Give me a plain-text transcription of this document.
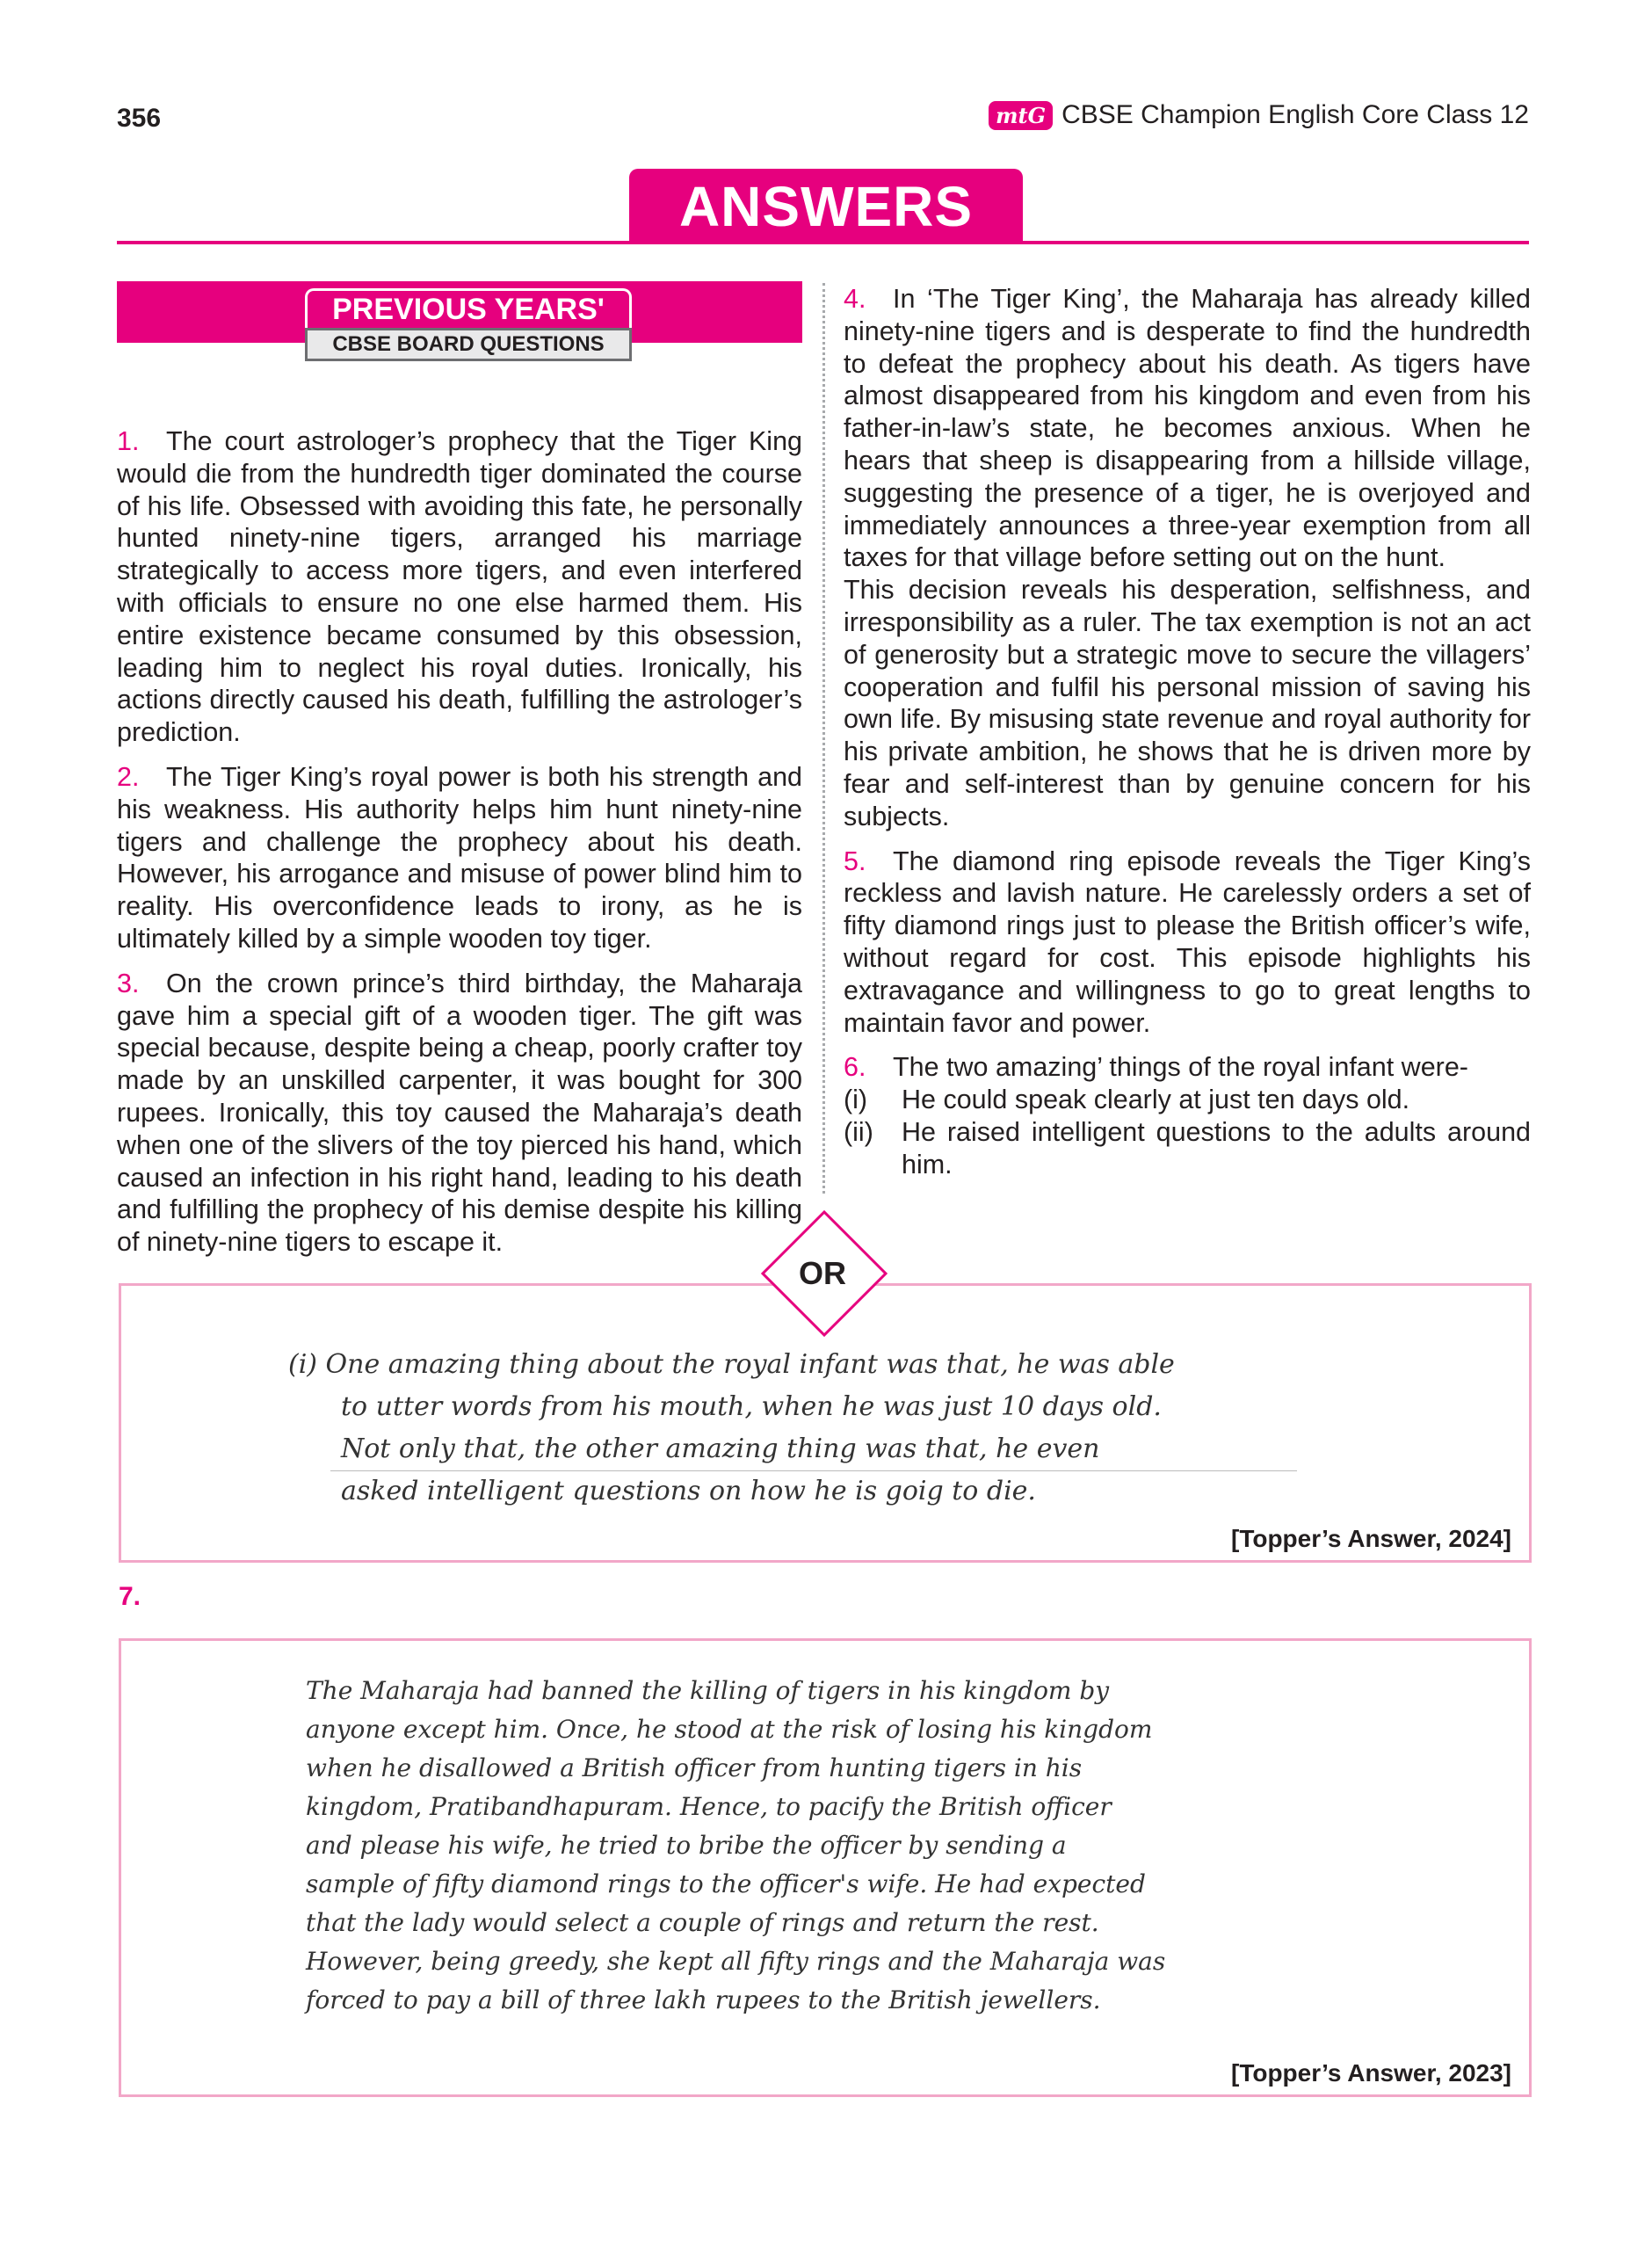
356	mtG CBSE Champion English Core Class 12
ANSWERS
PREVIOUS YEARS'
CBSE BOARD QUESTIONS

1. The court astrologer’s prophecy that the Tiger King would die from the hundredth tiger dominated the course of his life. Obsessed with avoiding this fate, he personally hunted ninety-nine tigers, arranged his marriage strategically to access more tigers, and even interfered with officials to ensure no one else harmed them. His entire existence became consumed by this obsession, leading him to neglect his royal duties. Ironically, his actions directly caused his death, fulfilling the astrologer’s prediction.

2. The Tiger King’s royal power is both his strength and his weakness. His authority helps him hunt ninety-nine tigers and challenge the prophecy about his death. However, his arrogance and misuse of power blind him to reality. His overconfidence leads to irony, as he is ultimately killed by a simple wooden toy tiger.

3. On the crown prince’s third birthday, the Maharaja gave him a special gift of a wooden tiger. The gift was special because, despite being a cheap, poorly crafter toy made by an unskilled carpenter, it was bought for 300 rupees. Ironically, this toy caused the Maharaja’s death when one of the slivers of the toy pierced his hand, which caused an infection in his right hand, leading to his death and fulfilling the prophecy of his demise despite his killing of ninety-nine tigers to escape it.

4. In ‘The Tiger King’, the Maharaja has already killed ninety-nine tigers and is desperate to find the hundredth to defeat the prophecy about his death. As tigers have almost disappeared from his kingdom and even from his father-in-law’s state, he becomes anxious. When he hears that sheep is disappearing from a hillside village, suggesting the presence of a tiger, he is overjoyed and immediately announces a three-year exemption from all taxes for that village before setting out on the hunt.
This decision reveals his desperation, selfishness, and irresponsibility as a ruler. The tax exemption is not an act of generosity but a strategic move to secure the villagers’ cooperation and fulfil his personal mission of saving his own life. By misusing state revenue and royal authority for his private ambition, he shows that he is driven more by fear and self-interest than by genuine concern for his subjects.

5. The diamond ring episode reveals the Tiger King’s reckless and lavish nature. He carelessly orders a set of fifty diamond rings just to please the British officer’s wife, without regard for cost. This episode highlights his extravagance and willingness to go to great lengths to maintain favor and power.

6. The two amazing’ things of the royal infant were-
(i)	He could speak clearly at just ten days old.
(ii)	He raised intelligent questions to the adults around him.
OR
(i) One amazing thing about the royal infant was that, he was able
to utter words from his mouth, when he was just 10 days old.
Not only that, the other amazing thing was that, he even
asked intelligent questions on how he is goig to die.
[Topper’s Answer, 2024]
7.
The Maharaja had banned the killing of tigers in his kingdom by
anyone except him. Once, he stood at the risk of losing his kingdom
when he disallowed a British officer from hunting tigers in his
kingdom, Pratibandhapuram. Hence, to pacify the British officer
and please his wife, he tried to bribe the officer by sending a
sample of fifty diamond rings to the officer's wife. He had expected
that the lady would select a couple of rings and return the rest.
However, being greedy, she kept all fifty rings and the Maharaja was
forced to pay a bill of three lakh rupees to the British jewellers.
[Topper’s Answer, 2023]
